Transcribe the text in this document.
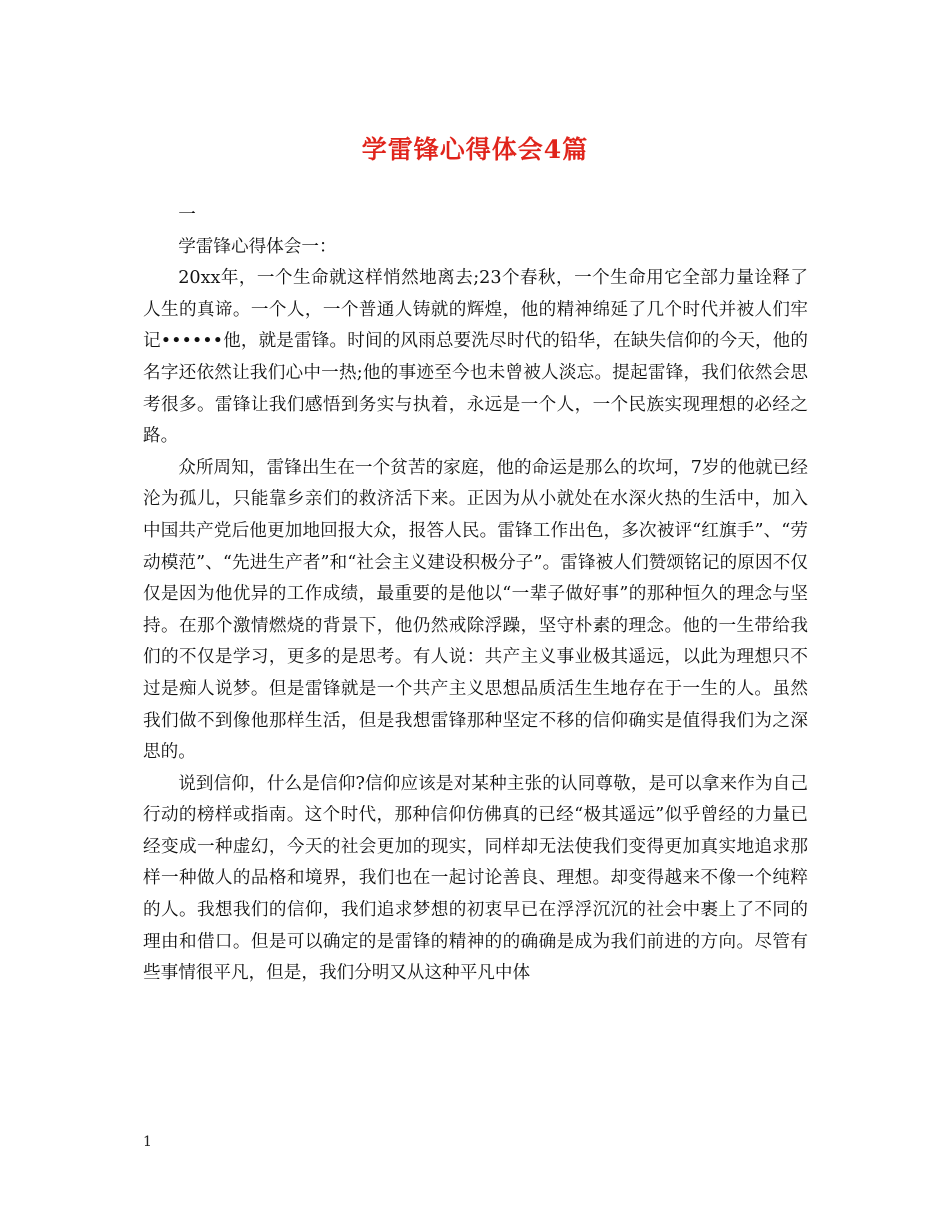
学雷锋心得体会4篇

一

学雷锋心得体会一：

20xx年，一个生命就这样悄然地离去;23个春秋，一个生命用它全部力量诠释了人生的真谛。一个人，一个普通人铸就的辉煌，他的精神绵延了几个时代并被人们牢记••••••他，就是雷锋。时间的风雨总要洗尽时代的铅华，在缺失信仰的今天，他的名字还依然让我们心中一热;他的事迹至今也未曾被人淡忘。提起雷锋，我们依然会思考很多。雷锋让我们感悟到务实与执着，永远是一个人，一个民族实现理想的必经之路。

众所周知，雷锋出生在一个贫苦的家庭，他的命运是那么的坎坷，7岁的他就已经沦为孤儿，只能靠乡亲们的救济活下来。正因为从小就处在水深火热的生活中，加入中国共产党后他更加地回报大众，报答人民。雷锋工作出色，多次被评“红旗手”、“劳动模范”、“先进生产者”和“社会主义建设积极分子”。雷锋被人们赞颂铭记的原因不仅仅是因为他优异的工作成绩，最重要的是他以“一辈子做好事”的那种恒久的理念与坚持。在那个激情燃烧的背景下，他仍然戒除浮躁，坚守朴素的理念。他的一生带给我们的不仅是学习，更多的是思考。有人说：共产主义事业极其遥远，以此为理想只不过是痴人说梦。但是雷锋就是一个共产主义思想品质活生生地存在于一生的人。虽然我们做不到像他那样生活，但是我想雷锋那种坚定不移的信仰确实是值得我们为之深思的。

说到信仰，什么是信仰?信仰应该是对某种主张的认同尊敬，是可以拿来作为自己行动的榜样或指南。这个时代，那种信仰仿佛真的已经“极其遥远”似乎曾经的力量已经变成一种虚幻，今天的社会更加的现实，同样却无法使我们变得更加真实地追求那样一种做人的品格和境界，我们也在一起讨论善良、理想。却变得越来不像一个纯粹的人。我想我们的信仰，我们追求梦想的初衷早已在浮浮沉沉的社会中裹上了不同的理由和借口。但是可以确定的是雷锋的精神的的确确是成为我们前进的方向。尽管有些事情很平凡，但是，我们分明又从这种平凡中体

1
